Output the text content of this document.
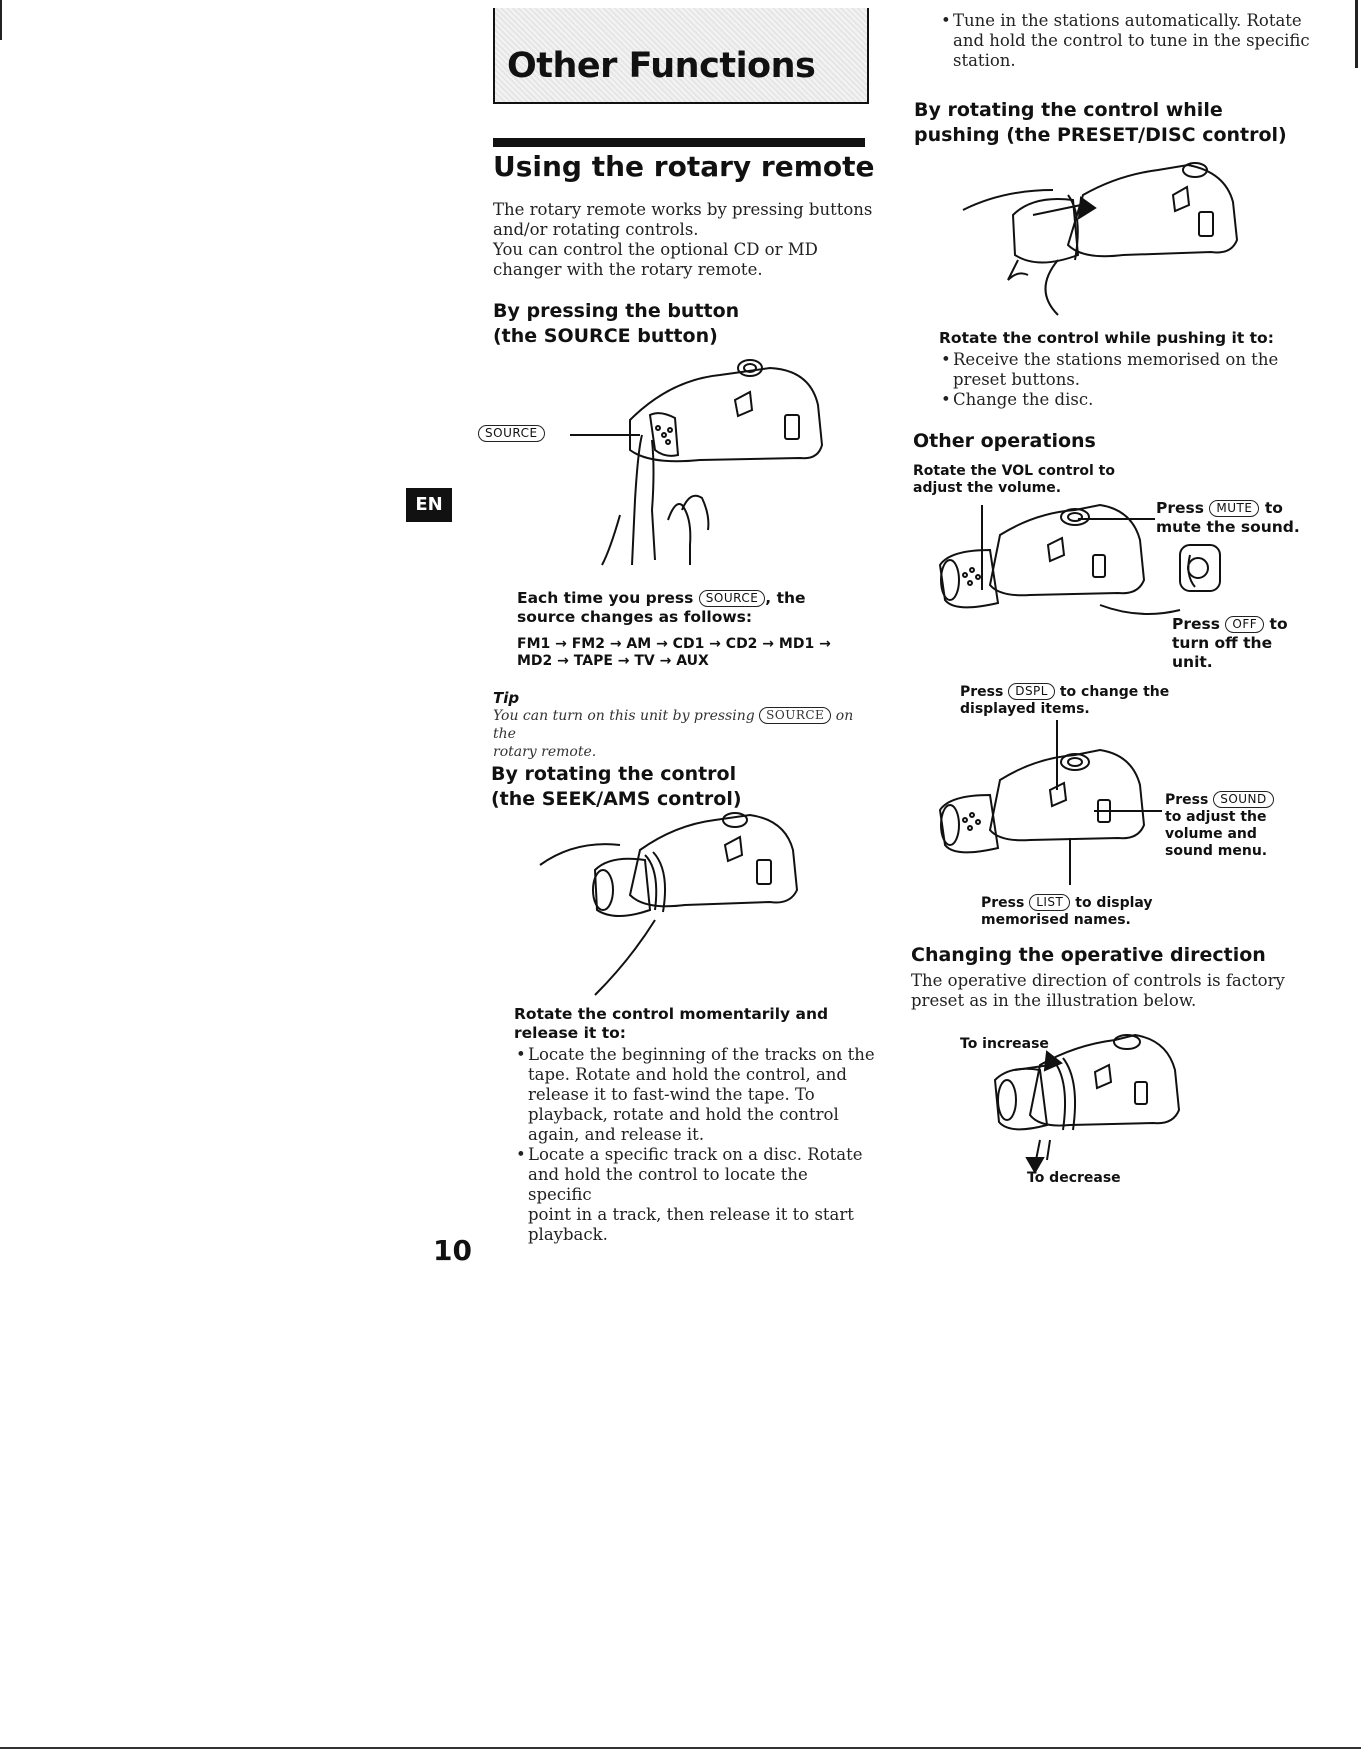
Other Functions
EN
Using the rotary remote
The rotary remote works by pressing buttons
and/or rotating controls.
You can control the optional CD or MD
changer with the rotary remote.
By pressing the button
(the SOURCE button)
SOURCE
Each time you press SOURCE , the
source changes as follows:
FM1 → FM2 → AM → CD1 → CD2 → MD1 →
MD2 → TAPE → TV → AUX
Tip
You can turn on this unit by pressing SOURCE on the
rotary remote.
By rotating the control
(the SEEK/AMS control)
Rotate the control momentarily and
release it to:
• Locate the beginning of the tracks on the
tape. Rotate and hold the control, and
release it to fast-wind the tape. To
playback, rotate and hold the control
again, and release it.
• Locate a specific track on a disc. Rotate
and hold the control to locate the specific
point in a track, then release it to start
playback.
10
• Tune in the stations automatically. Rotate
and hold the control to tune in the specific
station.
By rotating the control while
pushing (the PRESET/DISC control)
Rotate the control while pushing it to:
• Receive the stations memorised on the
preset buttons.
• Change the disc.
Other operations
Rotate the VOL control to
adjust the volume.
Press MUTE to
mute the sound.
Press OFF to
turn off the
unit.
Press DSPL to change the
displayed items.
Press SOUND
to adjust the
volume and
sound menu.
Press LIST to display
memorised names.
Changing the operative direction
The operative direction of controls is factory
preset as in the illustration below.
To increase
To decrease
